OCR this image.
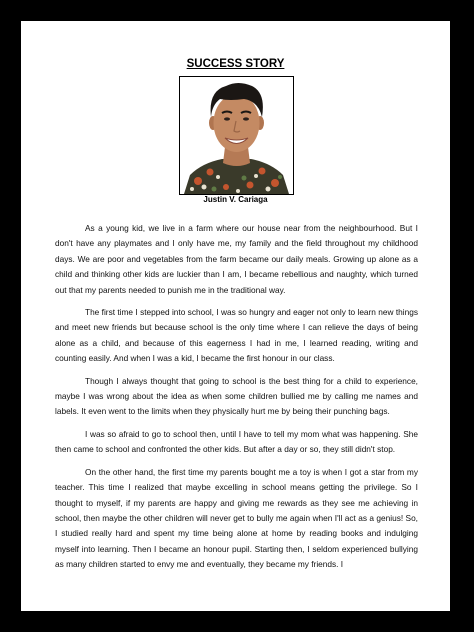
SUCCESS STORY
Justin V. Cariaga

As a young kid, we live in a farm where our house near from the neighbourhood. But I don't have any playmates and I only have me, my family and the field throughout my childhood days. We are poor and vegetables from the farm became our daily meals. Growing up alone as a child and thinking other kids are luckier than I am, I became rebellious and naughty, which turned out that my parents needed to punish me in the traditional way.

The first time I stepped into school, I was so hungry and eager not only to learn new things and meet new friends but because school is the only time where I can relieve the days of being alone as a child, and because of this eagerness I had in me, I learned reading, writing and counting easily. And when I was a kid, I became the first honour in our class.

Though I always thought that going to school is the best thing for a child to experience, maybe I was wrong about the idea as when some children bullied me by calling me names and labels. It even went to the limits when they physically hurt me by being their punching bags.

I was so afraid to go to school then, until I have to tell my mom what was happening. She then came to school and confronted the other kids. But after a day or so, they still didn't stop.

On the other hand, the first time my parents bought me a toy is when I got a star from my teacher. This time I realized that maybe excelling in school means getting the privilege. So I thought to myself, if my parents are happy and giving me rewards as they see me achieving in school, then maybe the other children will never get to bully me again when I'll act as a genius! So, I studied really hard and spent my time being alone at home by reading books and indulging myself into learning. Then I became an honour pupil. Starting then, I seldom experienced bullying as many children started to envy me and eventually, they became my friends. I
